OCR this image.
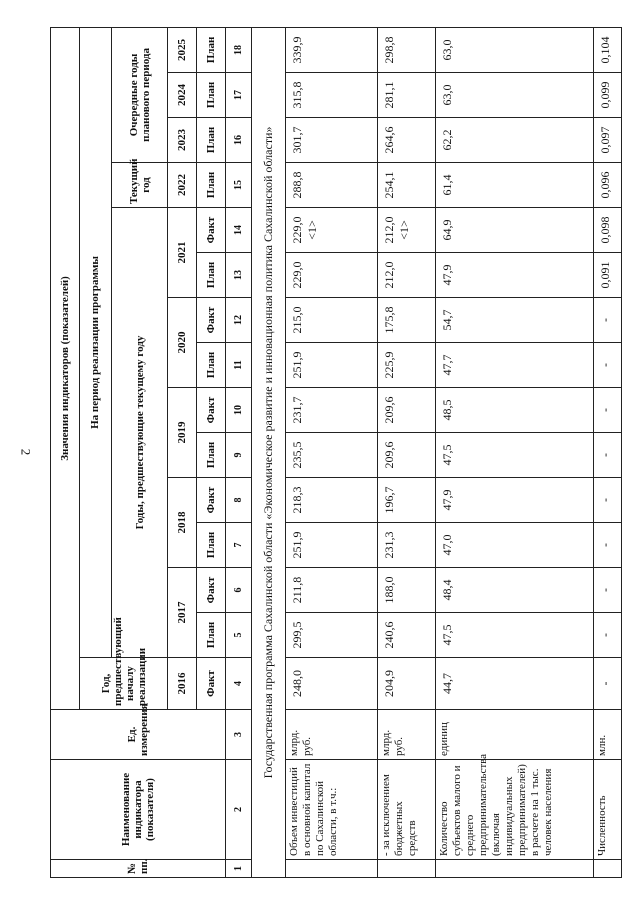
2
№ пп.	Наименование индикатора (показателя)	Ед. измерения	Значения индикаторов (показателей)														
			Год, предшествующий началу реализации	На период реализации программы													
				Годы, предшествующие текущему году										Текущий год	Очередные годы планового периода		
			2016	2017		2018		2019		2020		2021		2022	2023	2024	2025
			Факт	План	Факт	План	Факт	План	Факт	План	Факт	План	Факт	План	План	План	План
1	2	3	4	5	6	7	8	9	10	11	12	13	14	15	16	17	18
Государственная программа Сахалинской области «Экономическое развитие и инновационная политика Сахалинской области»																	
	Объем инвестиций в основной капитал по Сахалинской области, в т.ч.:	млрд. руб.	248,0	299,5	211,8	251,9	218,3	235,5	231,7	251,9	215,0	229,0	229,0 <1>	288,8	301,7	315,8	339,9
	- за исключением бюджетных средств	млрд. руб.	204,9	240,6	188,0	231,3	196,7	209,6	209,6	225,9	175,8	212,0	212,0 <1>	254,1	264,6	281,1	298,8
	Количество субъектов малого и среднего предпринимательства (включая индивидуальных предпринимателей) в расчете на 1 тыс. человек населения	единиц	44,7	47,5	48,4	47,0	47,9	47,5	48,5	47,7	54,7	47,9	64,9	61,4	62,2	63,0	63,0
	Численность	млн.	-	-	-	-	-	-	-	-	-	0,091	0,098	0,096	0,097	0,099	0,104
